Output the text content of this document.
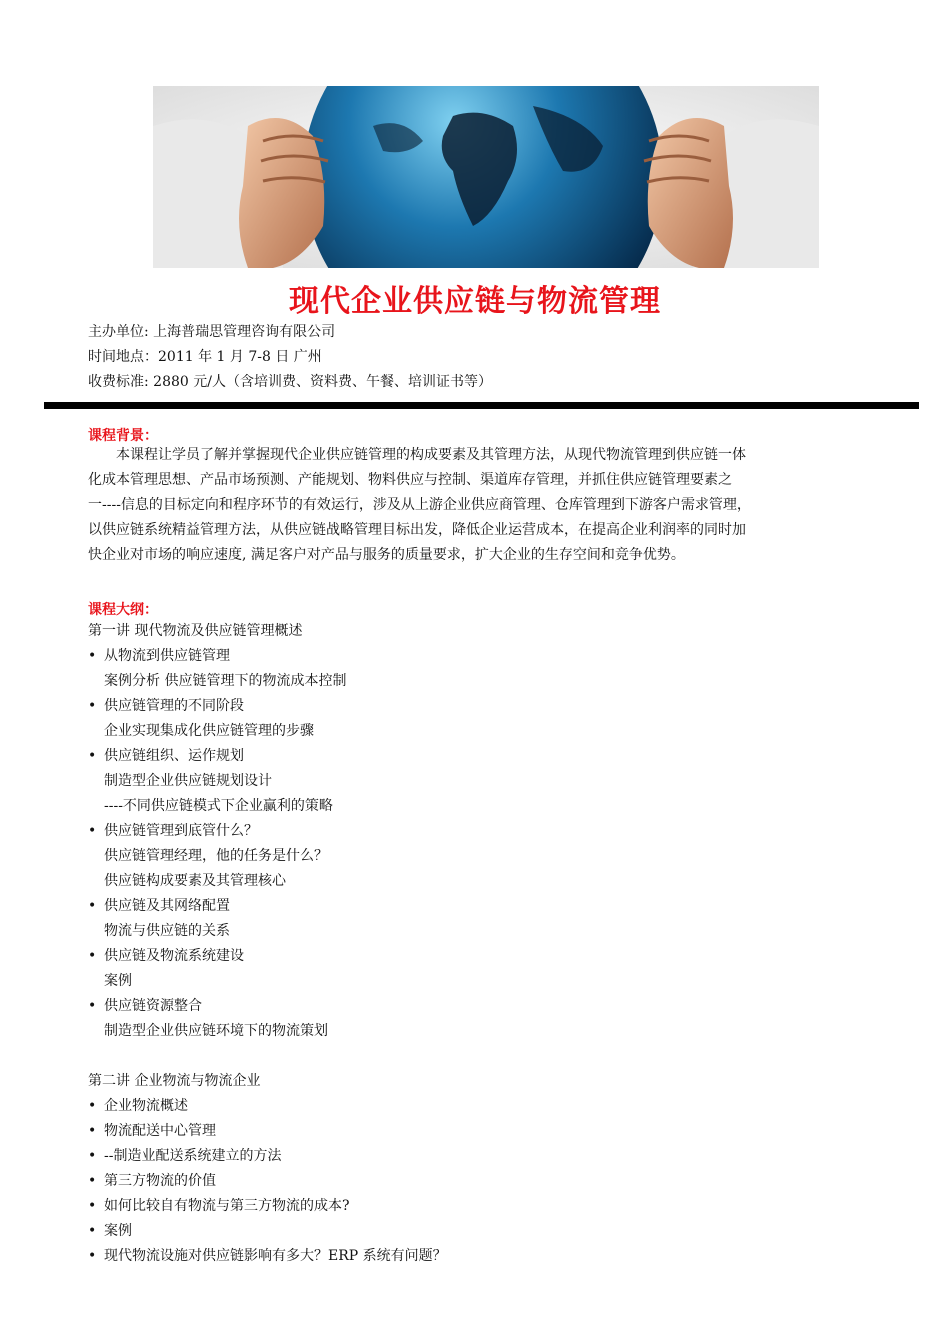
现代企业供应链与物流管理
主办单位: 上海普瑞思管理咨询有限公司
时间地点：2011 年 1 月 7-8 日 广州
收费标准: 2880 元/人（含培训费、资料费、午餐、培训证书等）
课程背景：
本课程让学员了解并掌握现代企业供应链管理的构成要素及其管理方法，从现代物流管理到供应链一体
化成本管理思想、产品市场预测、产能规划、物料供应与控制、渠道库存管理，并抓住供应链管理要素之
一----信息的目标定向和程序环节的有效运行，涉及从上游企业供应商管理、仓库管理到下游客户需求管理，
以供应链系统精益管理方法，从供应链战略管理目标出发，降低企业运营成本，在提高企业利润率的同时加
快企业对市场的响应速度, 满足客户对产品与服务的质量要求，扩大企业的生存空间和竞争优势。
课程大纲：
第一讲 现代物流及供应链管理概述
• 从物流到供应链管理
案例分析 供应链管理下的物流成本控制
• 供应链管理的不同阶段
企业实现集成化供应链管理的步骤
• 供应链组织、运作规划
制造型企业供应链规划设计
----不同供应链模式下企业赢利的策略
• 供应链管理到底管什么？
供应链管理经理，他的任务是什么？
供应链构成要素及其管理核心
• 供应链及其网络配置
物流与供应链的关系
• 供应链及物流系统建设
案例
• 供应链资源整合
制造型企业供应链环境下的物流策划
第二讲 企业物流与物流企业
• 企业物流概述
• 物流配送中心管理
• --制造业配送系统建立的方法
• 第三方物流的价值
• 如何比较自有物流与第三方物流的成本?
• 案例
• 现代物流设施对供应链影响有多大？ERP 系统有问题？
